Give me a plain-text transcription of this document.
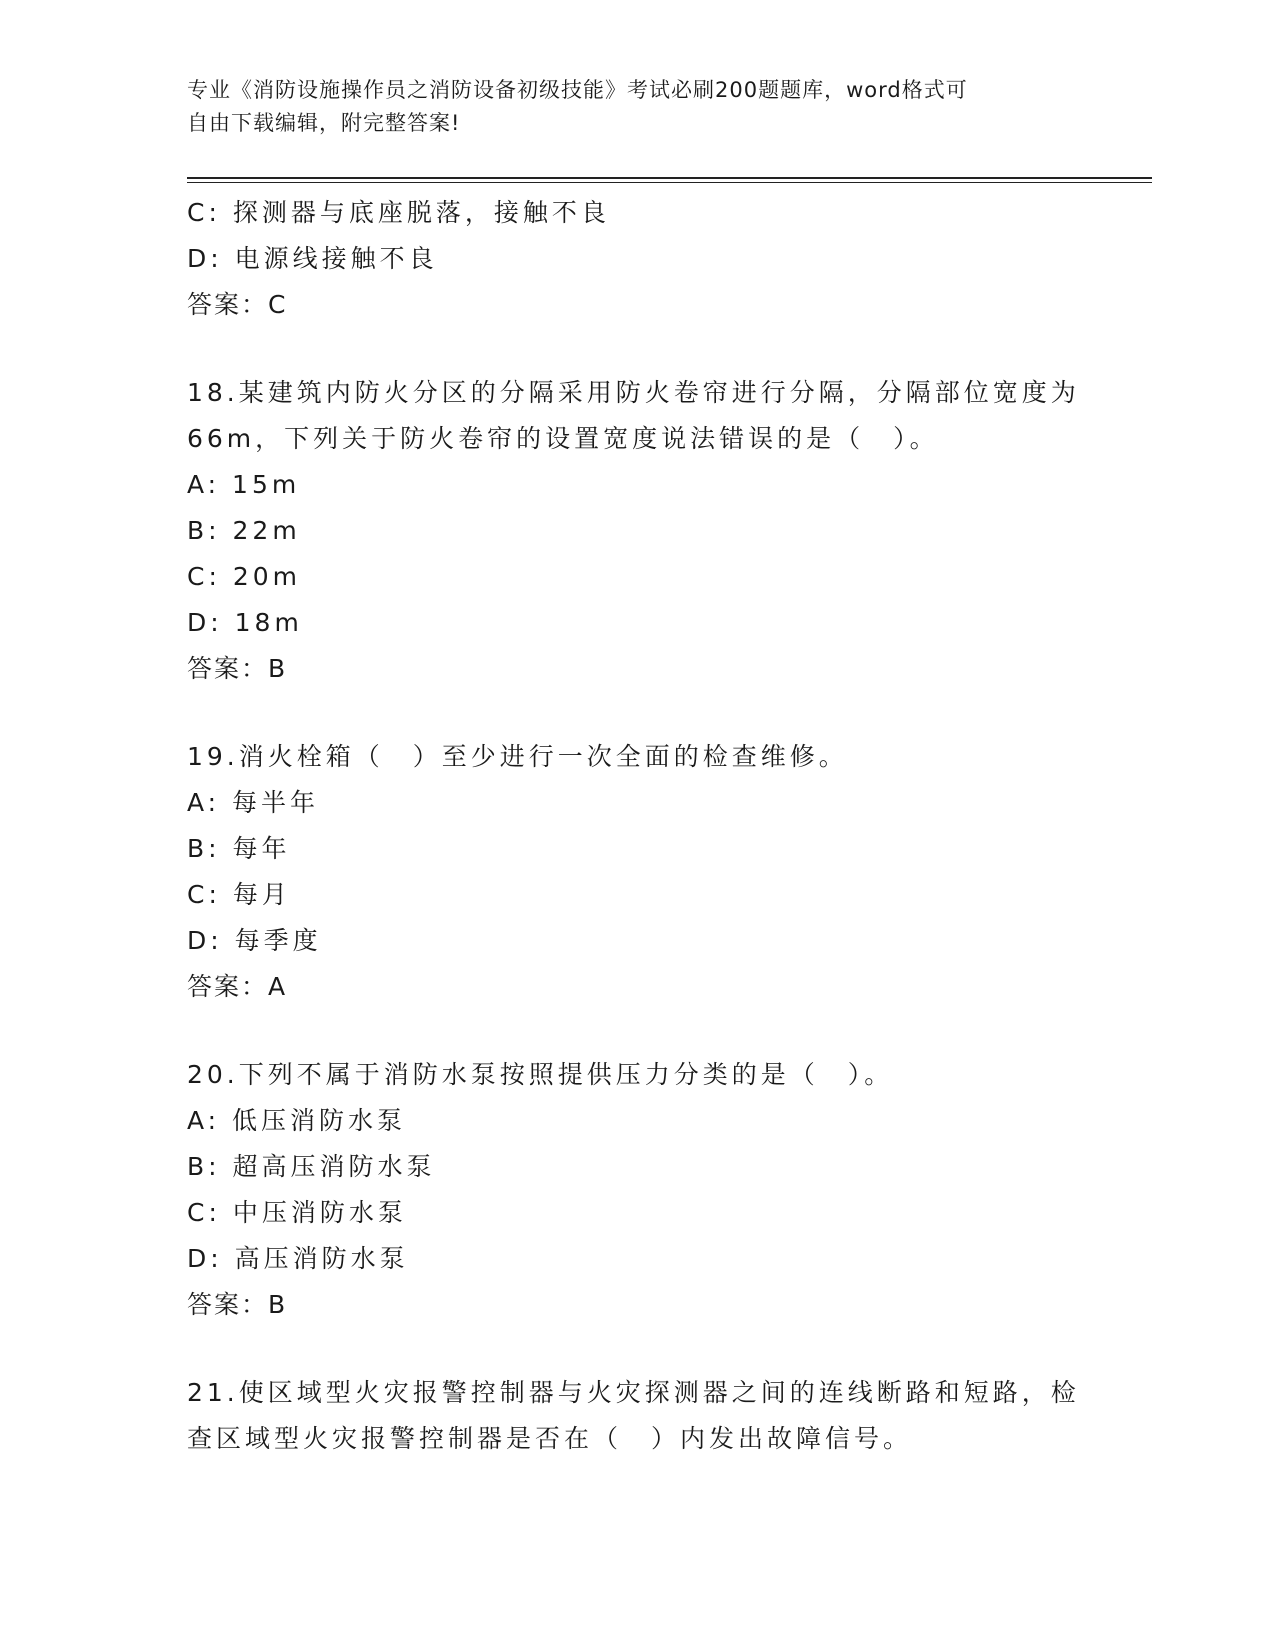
专业《消防设施操作员之消防设备初级技能》考试必刷200题题库，word格式可
自由下载编辑，附完整答案!
C: 探测器与底座脱落，接触不良
D: 电源线接触不良
答案：C
18.某建筑内防火分区的分隔采用防火卷帘进行分隔，分隔部位宽度为
66m，下列关于防火卷帘的设置宽度说法错误的是（　）。
A: 15m
B: 22m
C: 20m
D: 18m
答案：B
19.消火栓箱（　）至少进行一次全面的检查维修。
A: 每半年
B: 每年
C: 每月
D: 每季度
答案：A
20.下列不属于消防水泵按照提供压力分类的是（　）。
A: 低压消防水泵
B: 超高压消防水泵
C: 中压消防水泵
D: 高压消防水泵
答案：B
21.使区域型火灾报警控制器与火灾探测器之间的连线断路和短路，检
查区域型火灾报警控制器是否在（　）内发出故障信号。
